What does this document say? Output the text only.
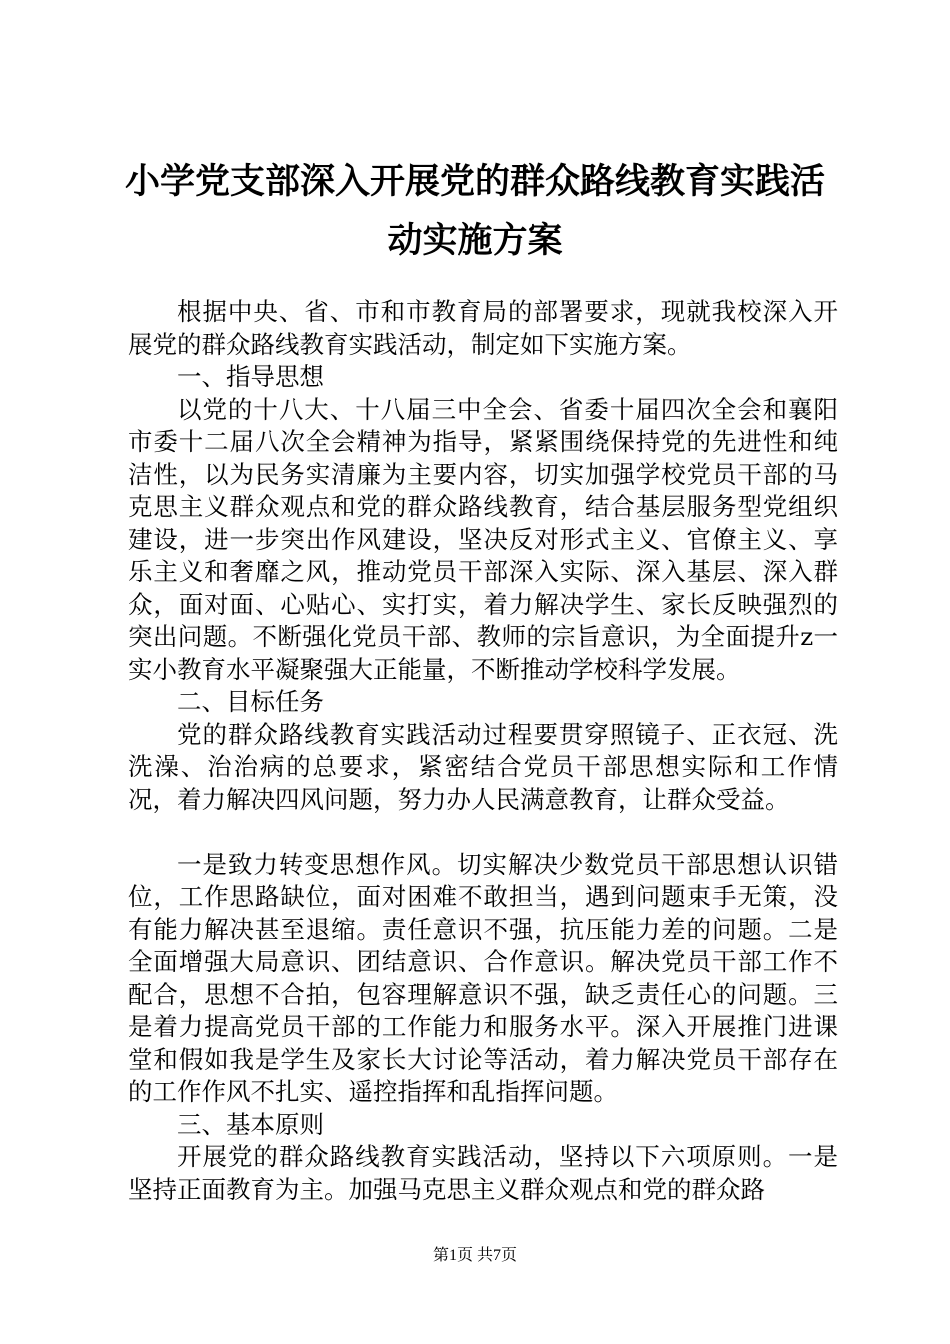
小学党支部深入开展党的群众路线教育实践活
动实施方案

根据中央、省、市和市教育局的部署要求，现就我校深入开展党的群众路线教育实践活动，制定如下实施方案。

一、指导思想

以党的十八大、十八届三中全会、省委十届四次全会和襄阳市委十二届八次全会精神为指导，紧紧围绕保持党的先进性和纯洁性，以为民务实清廉为主要内容，切实加强学校党员干部的马克思主义群众观点和党的群众路线教育，结合基层服务型党组织建设，进一步突出作风建设，坚决反对形式主义、官僚主义、享乐主义和奢靡之风，推动党员干部深入实际、深入基层、深入群众，面对面、心贴心、实打实，着力解决学生、家长反映强烈的突出问题。不断强化党员干部、教师的宗旨意识，为全面提升z一实小教育水平凝聚强大正能量，不断推动学校科学发展。

二、目标任务

党的群众路线教育实践活动过程要贯穿照镜子、正衣冠、洗洗澡、治治病的总要求，紧密结合党员干部思想实际和工作情况，着力解决四风问题，努力办人民满意教育，让群众受益。

一是致力转变思想作风。切实解决少数党员干部思想认识错位，工作思路缺位，面对困难不敢担当，遇到问题束手无策，没有能力解决甚至退缩。责任意识不强，抗压能力差的问题。二是全面增强大局意识、团结意识、合作意识。解决党员干部工作不配合，思想不合拍，包容理解意识不强，缺乏责任心的问题。三是着力提高党员干部的工作能力和服务水平。深入开展推门进课堂和假如我是学生及家长大讨论等活动，着力解决党员干部存在的工作作风不扎实、遥控指挥和乱指挥问题。

三、基本原则

开展党的群众路线教育实践活动，坚持以下六项原则。一是坚持正面教育为主。加强马克思主义群众观点和党的群众路

第1页 共7页
